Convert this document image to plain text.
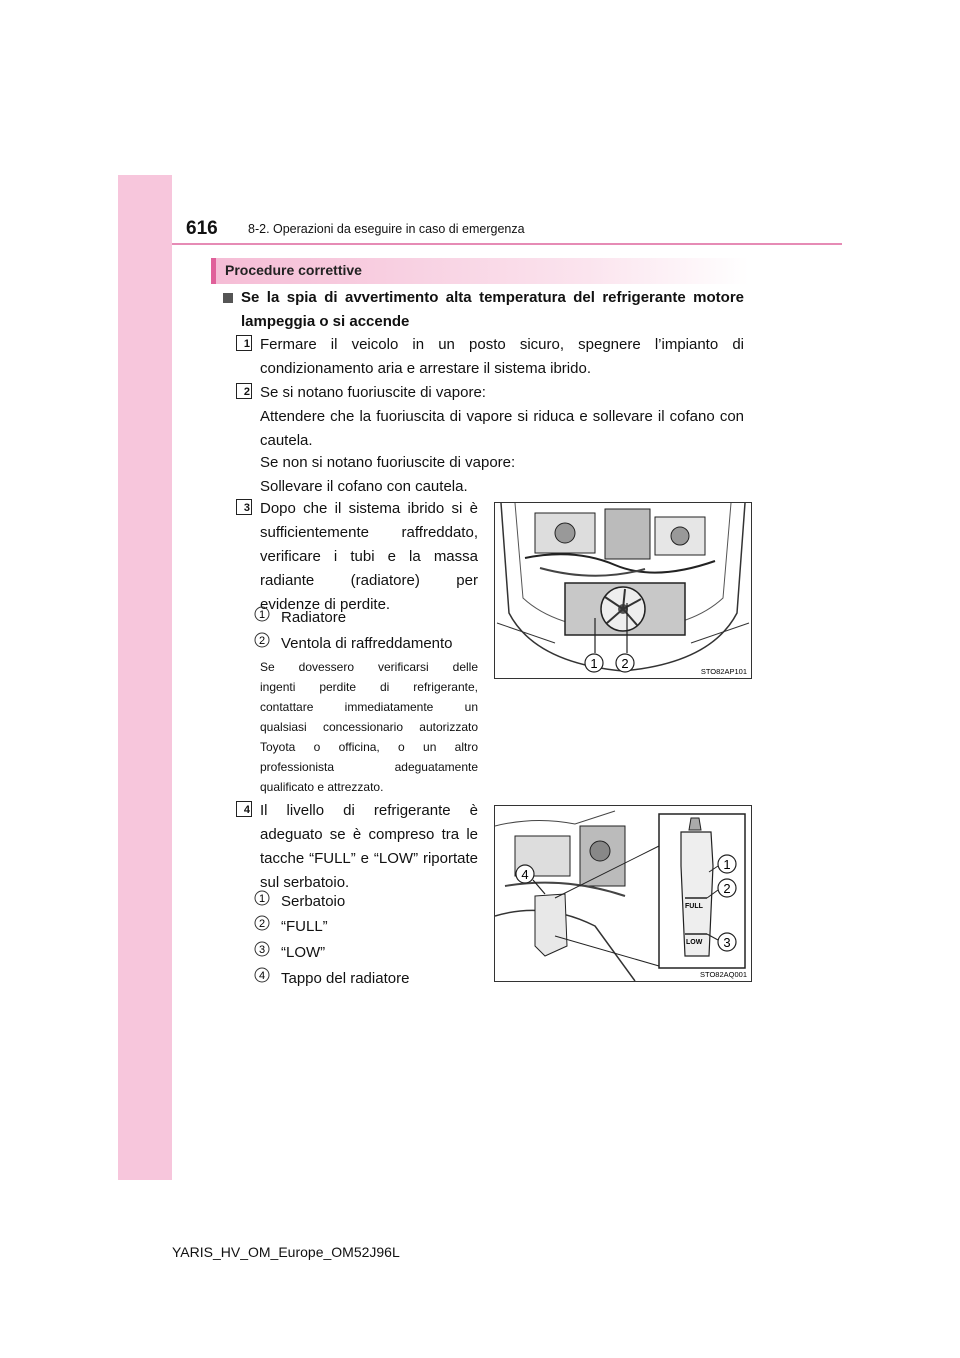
616 8-2. Operazioni da eseguire in caso di emergenza
Procedure correttive

Se la spia di avvertimento alta temperatura del refrigerante motore

lampeggia o si accende

1 Fermare il veicolo in un posto sicuro, spegnere l’impianto di

condizionamento aria e arrestare il sistema ibrido.

2 Se si notano fuoriuscite di vapore:

Attendere che la fuoriuscita di vapore si riduca e sollevare il cofano con

cautela.

Se non si notano fuoriuscite di vapore:

Sollevare il cofano con cautela.

3 Dopo che il sistema ibrido si è

sufficientemente raffreddato,

verificare i tubi e la massa

radiante (radiatore) per

evidenze di perdite.

1 Radiatore

2 Ventola di raffreddamento

Se dovessero verificarsi delle

ingenti perdite di refrigerante,

contattare immediatamente un

qualsiasi concessionario autorizzato

Toyota o officina, o un altro

professionista adeguatamente

qualificato e attrezzato.

1 2
STO82AP101
4 Il livello di refrigerante è

adeguato se è compreso tra le

tacche “FULL” e “LOW” riportate

sul serbatoio.

1 Serbatoio

2 “FULL”

3 “LOW”

4 Tappo del radiatore

4
FULL
LOW
1
2
3
STO82AQ001
YARIS_HV_OM_Europe_OM52J96L
